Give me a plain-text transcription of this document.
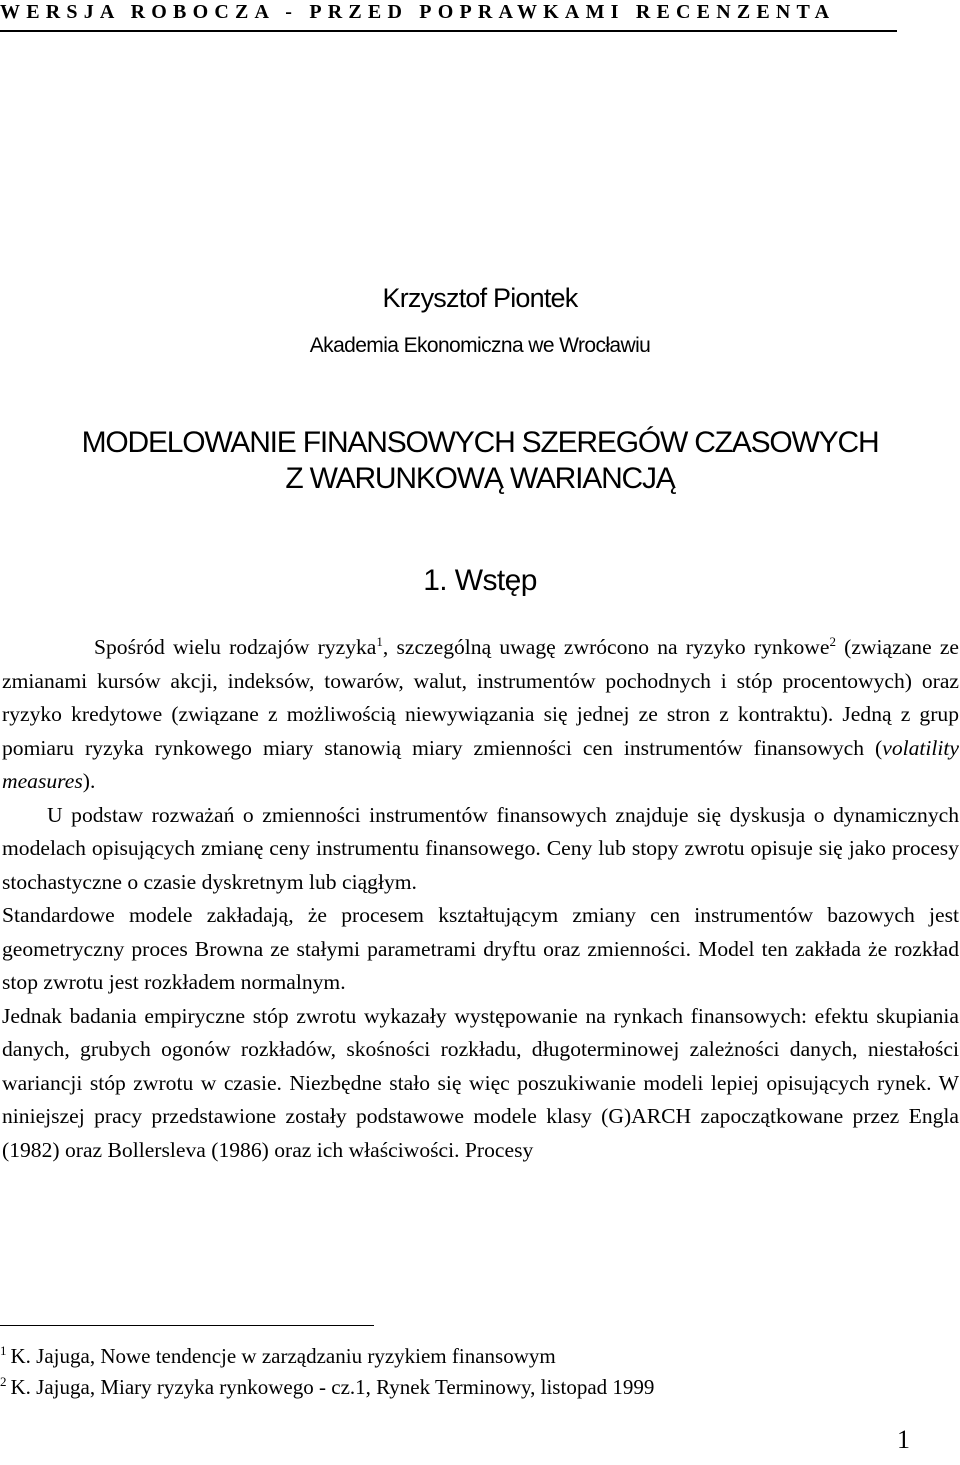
WERSJA ROBOCZA - PRZED POPRAWKAMI RECENZENTA
Krzysztof Piontek
Akademia Ekonomiczna we Wrocławiu
MODELOWANIE FINANSOWYCH SZEREGÓW CZASOWYCH
Z WARUNKOWĄ WARIANCJĄ
1. Wstęp

Spośród wielu rodzajów ryzyka$^1$, szczególną uwagę zwrócono na ryzyko rynkowe$^2$ (związane ze zmianami kursów akcji, indeksów, towarów, walut, instrumentów pochodnych i stóp procentowych) oraz ryzyko kredytowe (związane z możliwością niewywiązania się jednej ze stron z kontraktu). Jedną z grup pomiaru ryzyka rynkowego miary stanowią miary zmienności cen instrumentów finansowych (volatility measures).

U podstaw rozważań o zmienności instrumentów finansowych znajduje się dyskusja o dynamicznych modelach opisujących zmianę ceny instrumentu finansowego. Ceny lub stopy zwrotu opisuje się jako procesy stochastyczne o czasie dyskretnym lub ciągłym.

Standardowe modele zakładają, że procesem kształtującym zmiany cen instrumentów bazowych jest geometryczny proces Browna ze stałymi parametrami dryftu oraz zmienności. Model ten zakłada że rozkład stop zwrotu jest rozkładem normalnym.

Jednak badania empiryczne stóp zwrotu wykazały występowanie na rynkach finansowych: efektu skupiania danych, grubych ogonów rozkładów, skośności rozkładu, długoterminowej zależności danych, niestałości wariancji stóp zwrotu w czasie. Niezbędne stało się więc poszukiwanie modeli lepiej opisujących rynek. W niniejszej pracy przedstawione zostały podstawowe modele klasy (G)ARCH zapoczątkowane przez Engla (1982) oraz Bollersleva (1986) oraz ich właściwości. Procesy

$^1$ K. Jajuga, Nowe tendencje w zarządzaniu ryzykiem finansowym
$^2$ K. Jajuga, Miary ryzyka rynkowego - cz.1, Rynek Terminowy, listopad 1999
1
